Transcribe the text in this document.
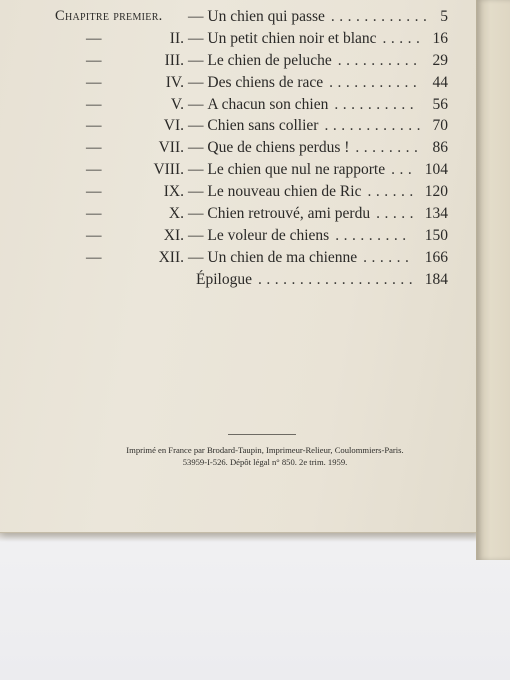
Chapitre premier. — Un chien qui passe ............ 5
—	II. — Un petit chien noir et blanc ..... 16
—	III. — Le chien de peluche .......... 29
—	IV. — Des chiens de race ........... 44
—	V. — A chacun son chien .......... 56
—	VI. — Chien sans collier ............ 70
—	VII. — Que de chiens perdus ! ........ 86
—	VIII. — Le chien que nul ne rapporte ... 104
—	IX. — Le nouveau chien de Ric ...... 120
—	X. — Chien retrouvé, ami perdu ..... 134
—	XI. — Le voleur de chiens ......... 150
—	XII. — Un chien de ma chienne ...... 166
Épilogue ................... 184
Imprimé en France par Brodard-Taupin, Imprimeur-Relieur, Coulommiers-Paris.
53959-I-526. Dépôt légal n° 850. 2e trim. 1959.
